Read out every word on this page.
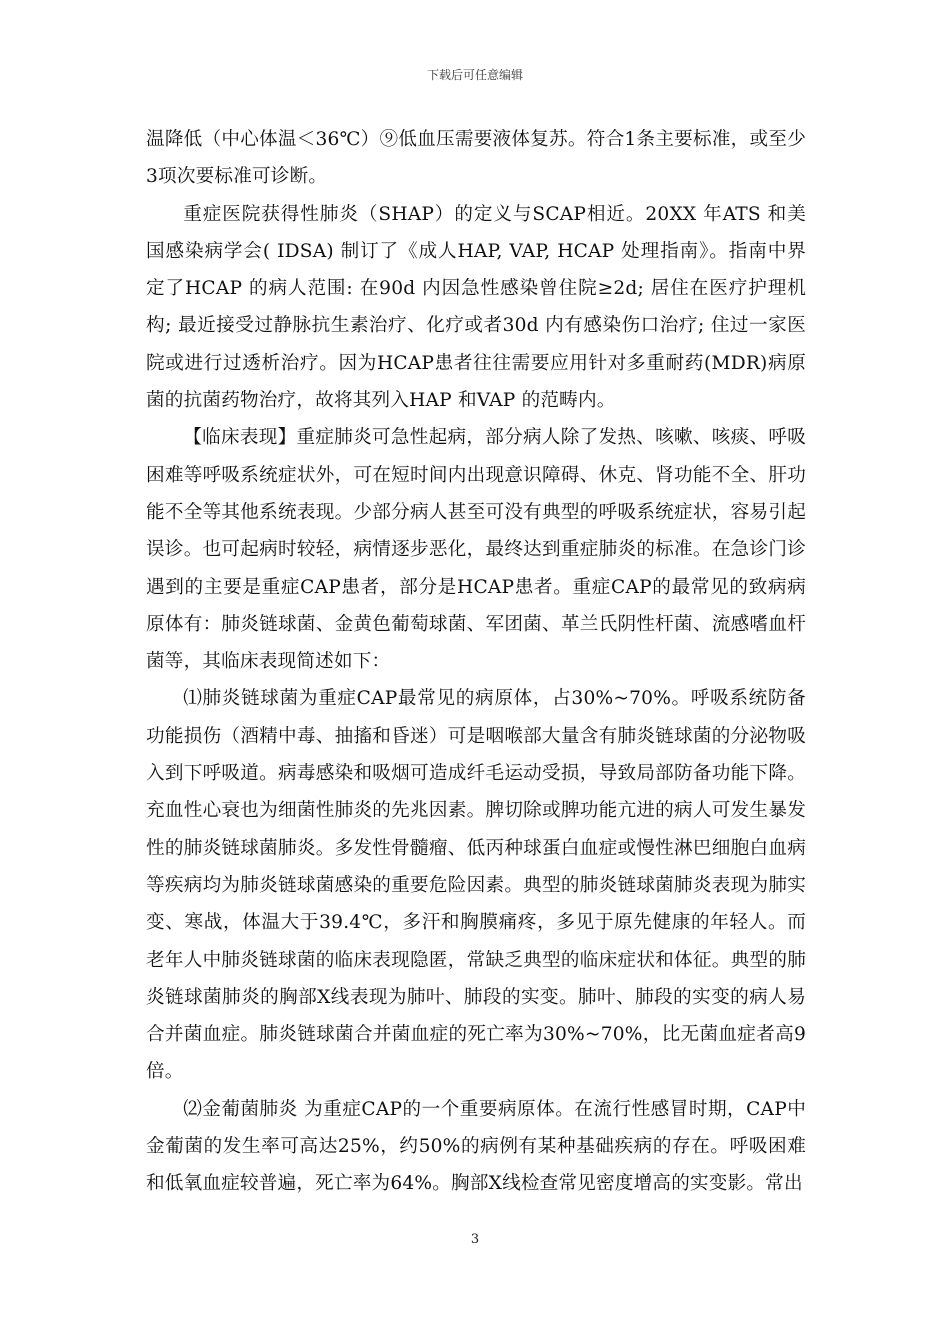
下载后可任意编辑

温降低（中心体温＜36℃）⑨低血压需要液体复苏。符合1条主要标准，或至少3项次要标准可诊断。

重症医院获得性肺炎（SHAP）的定义与SCAP相近。20XX 年ATS 和美国感染病学会( IDSA) 制订了《成人HAP, VAP, HCAP 处理指南》。指南中界定了HCAP 的病人范围: 在90d 内因急性感染曾住院≥2d; 居住在医疗护理机构; 最近接受过静脉抗生素治疗、化疗或者30d 内有感染伤口治疗; 住过一家医院或进行过透析治疗。因为HCAP患者往往需要应用针对多重耐药(MDR)病原菌的抗菌药物治疗，故将其列入HAP 和VAP 的范畴内。

【临床表现】重症肺炎可急性起病，部分病人除了发热、咳嗽、咳痰、呼吸困难等呼吸系统症状外，可在短时间内出现意识障碍、休克、肾功能不全、肝功能不全等其他系统表现。少部分病人甚至可没有典型的呼吸系统症状，容易引起误诊。也可起病时较轻，病情逐步恶化，最终达到重症肺炎的标准。在急诊门诊遇到的主要是重症CAP患者，部分是HCAP患者。重症CAP的最常见的致病病原体有：肺炎链球菌、金黄色葡萄球菌、军团菌、革兰氏阴性杆菌、流感嗜血杆菌等，其临床表现简述如下：

⑴肺炎链球菌为重症CAP最常见的病原体，占30%~70%。呼吸系统防备功能损伤（酒精中毒、抽搐和昏迷）可是咽喉部大量含有肺炎链球菌的分泌物吸入到下呼吸道。病毒感染和吸烟可造成纤毛运动受损，导致局部防备功能下降。充血性心衰也为细菌性肺炎的先兆因素。脾切除或脾功能亢进的病人可发生暴发性的肺炎链球菌肺炎。多发性骨髓瘤、低丙种球蛋白血症或慢性淋巴细胞白血病等疾病均为肺炎链球菌感染的重要危险因素。典型的肺炎链球菌肺炎表现为肺实变、寒战，体温大于39.4℃，多汗和胸膜痛疼，多见于原先健康的年轻人。而老年人中肺炎链球菌的临床表现隐匿，常缺乏典型的临床症状和体征。典型的肺炎链球菌肺炎的胸部Ⅹ线表现为肺叶、肺段的实变。肺叶、肺段的实变的病人易合并菌血症。肺炎链球菌合并菌血症的死亡率为30%~70%，比无菌血症者高9倍。

⑵金葡菌肺炎 为重症CAP的一个重要病原体。在流行性感冒时期，CAP中金葡菌的发生率可高达25%，约50%的病例有某种基础疾病的存在。呼吸困难和低氧血症较普遍，死亡率为64%。胸部Ⅹ线检查常见密度增高的实变影。常出

3
